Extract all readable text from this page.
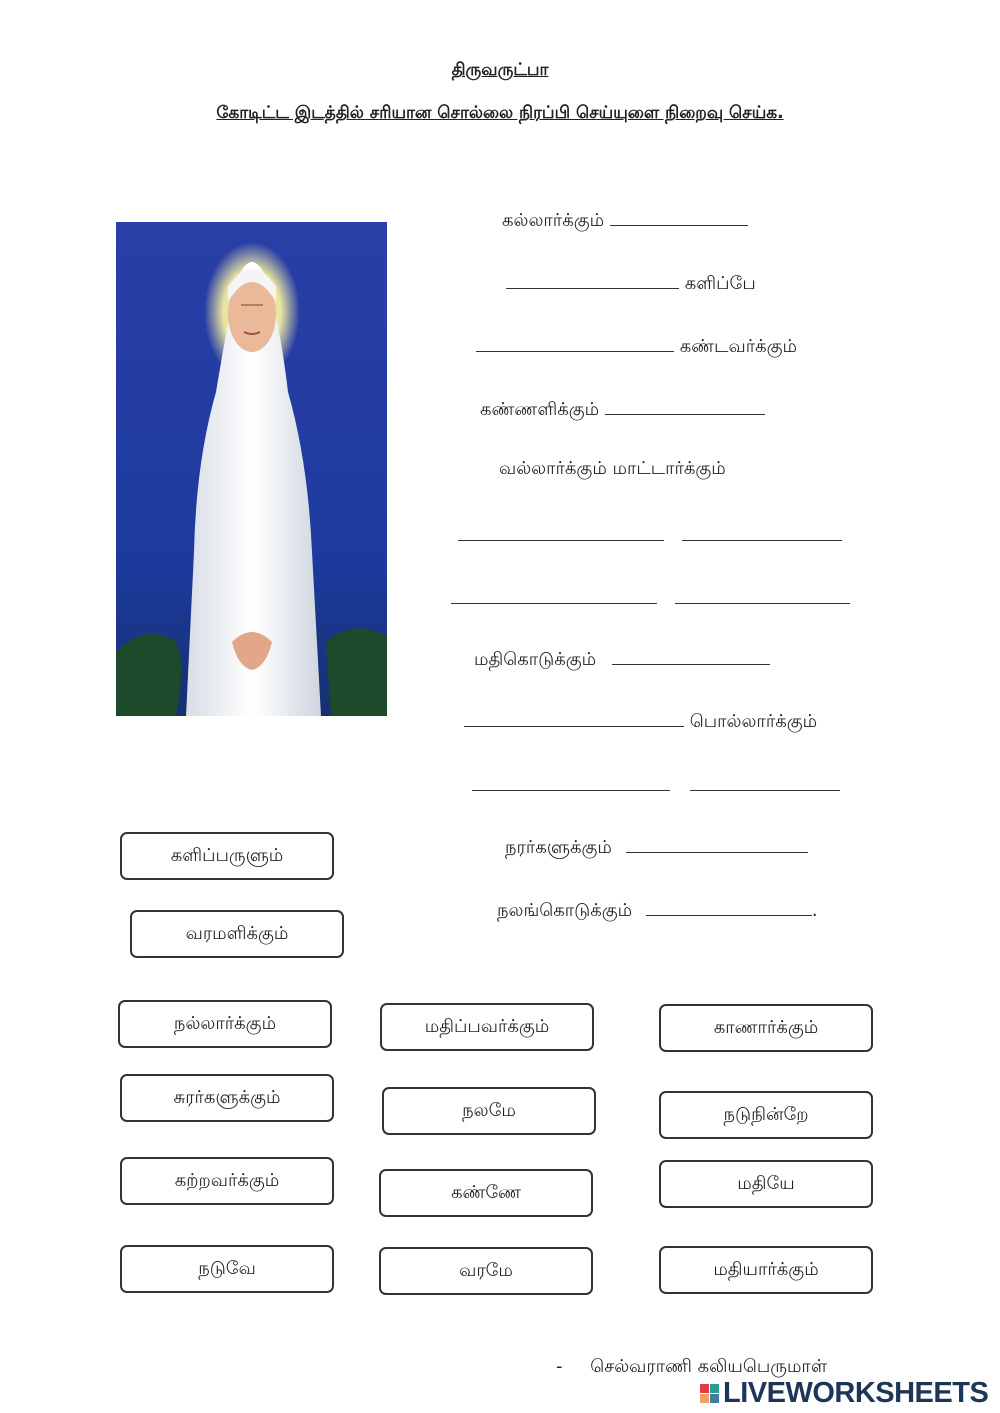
திருவருட்பா
கோடிட்ட இடத்தில் சரியான சொல்லை நிரப்பி செய்யுளை நிறைவு செய்க.
கல்லார்க்கும்
களிப்பே
கண்டவர்க்கும்
கண்ணளிக்கும்
வல்லார்க்கும் மாட்டார்க்கும்

மதிகொடுக்கும்
பொல்லார்க்கும்

நரர்களுக்கும்
நலங்கொடுக்கும்	.
களிப்பருளும்
வரமளிக்கும்
நல்லார்க்கும்	மதிப்பவர்க்கும்	காணார்க்கும்
சுரர்களுக்கும்
நலமே	நடுநின்றே
கற்றவர்க்கும்
கண்ணே	மதியே
நடுவே	வரமே	மதியார்க்கும்
- செல்வராணி கலியபெருமாள்
LIVEWORKSHEETS
